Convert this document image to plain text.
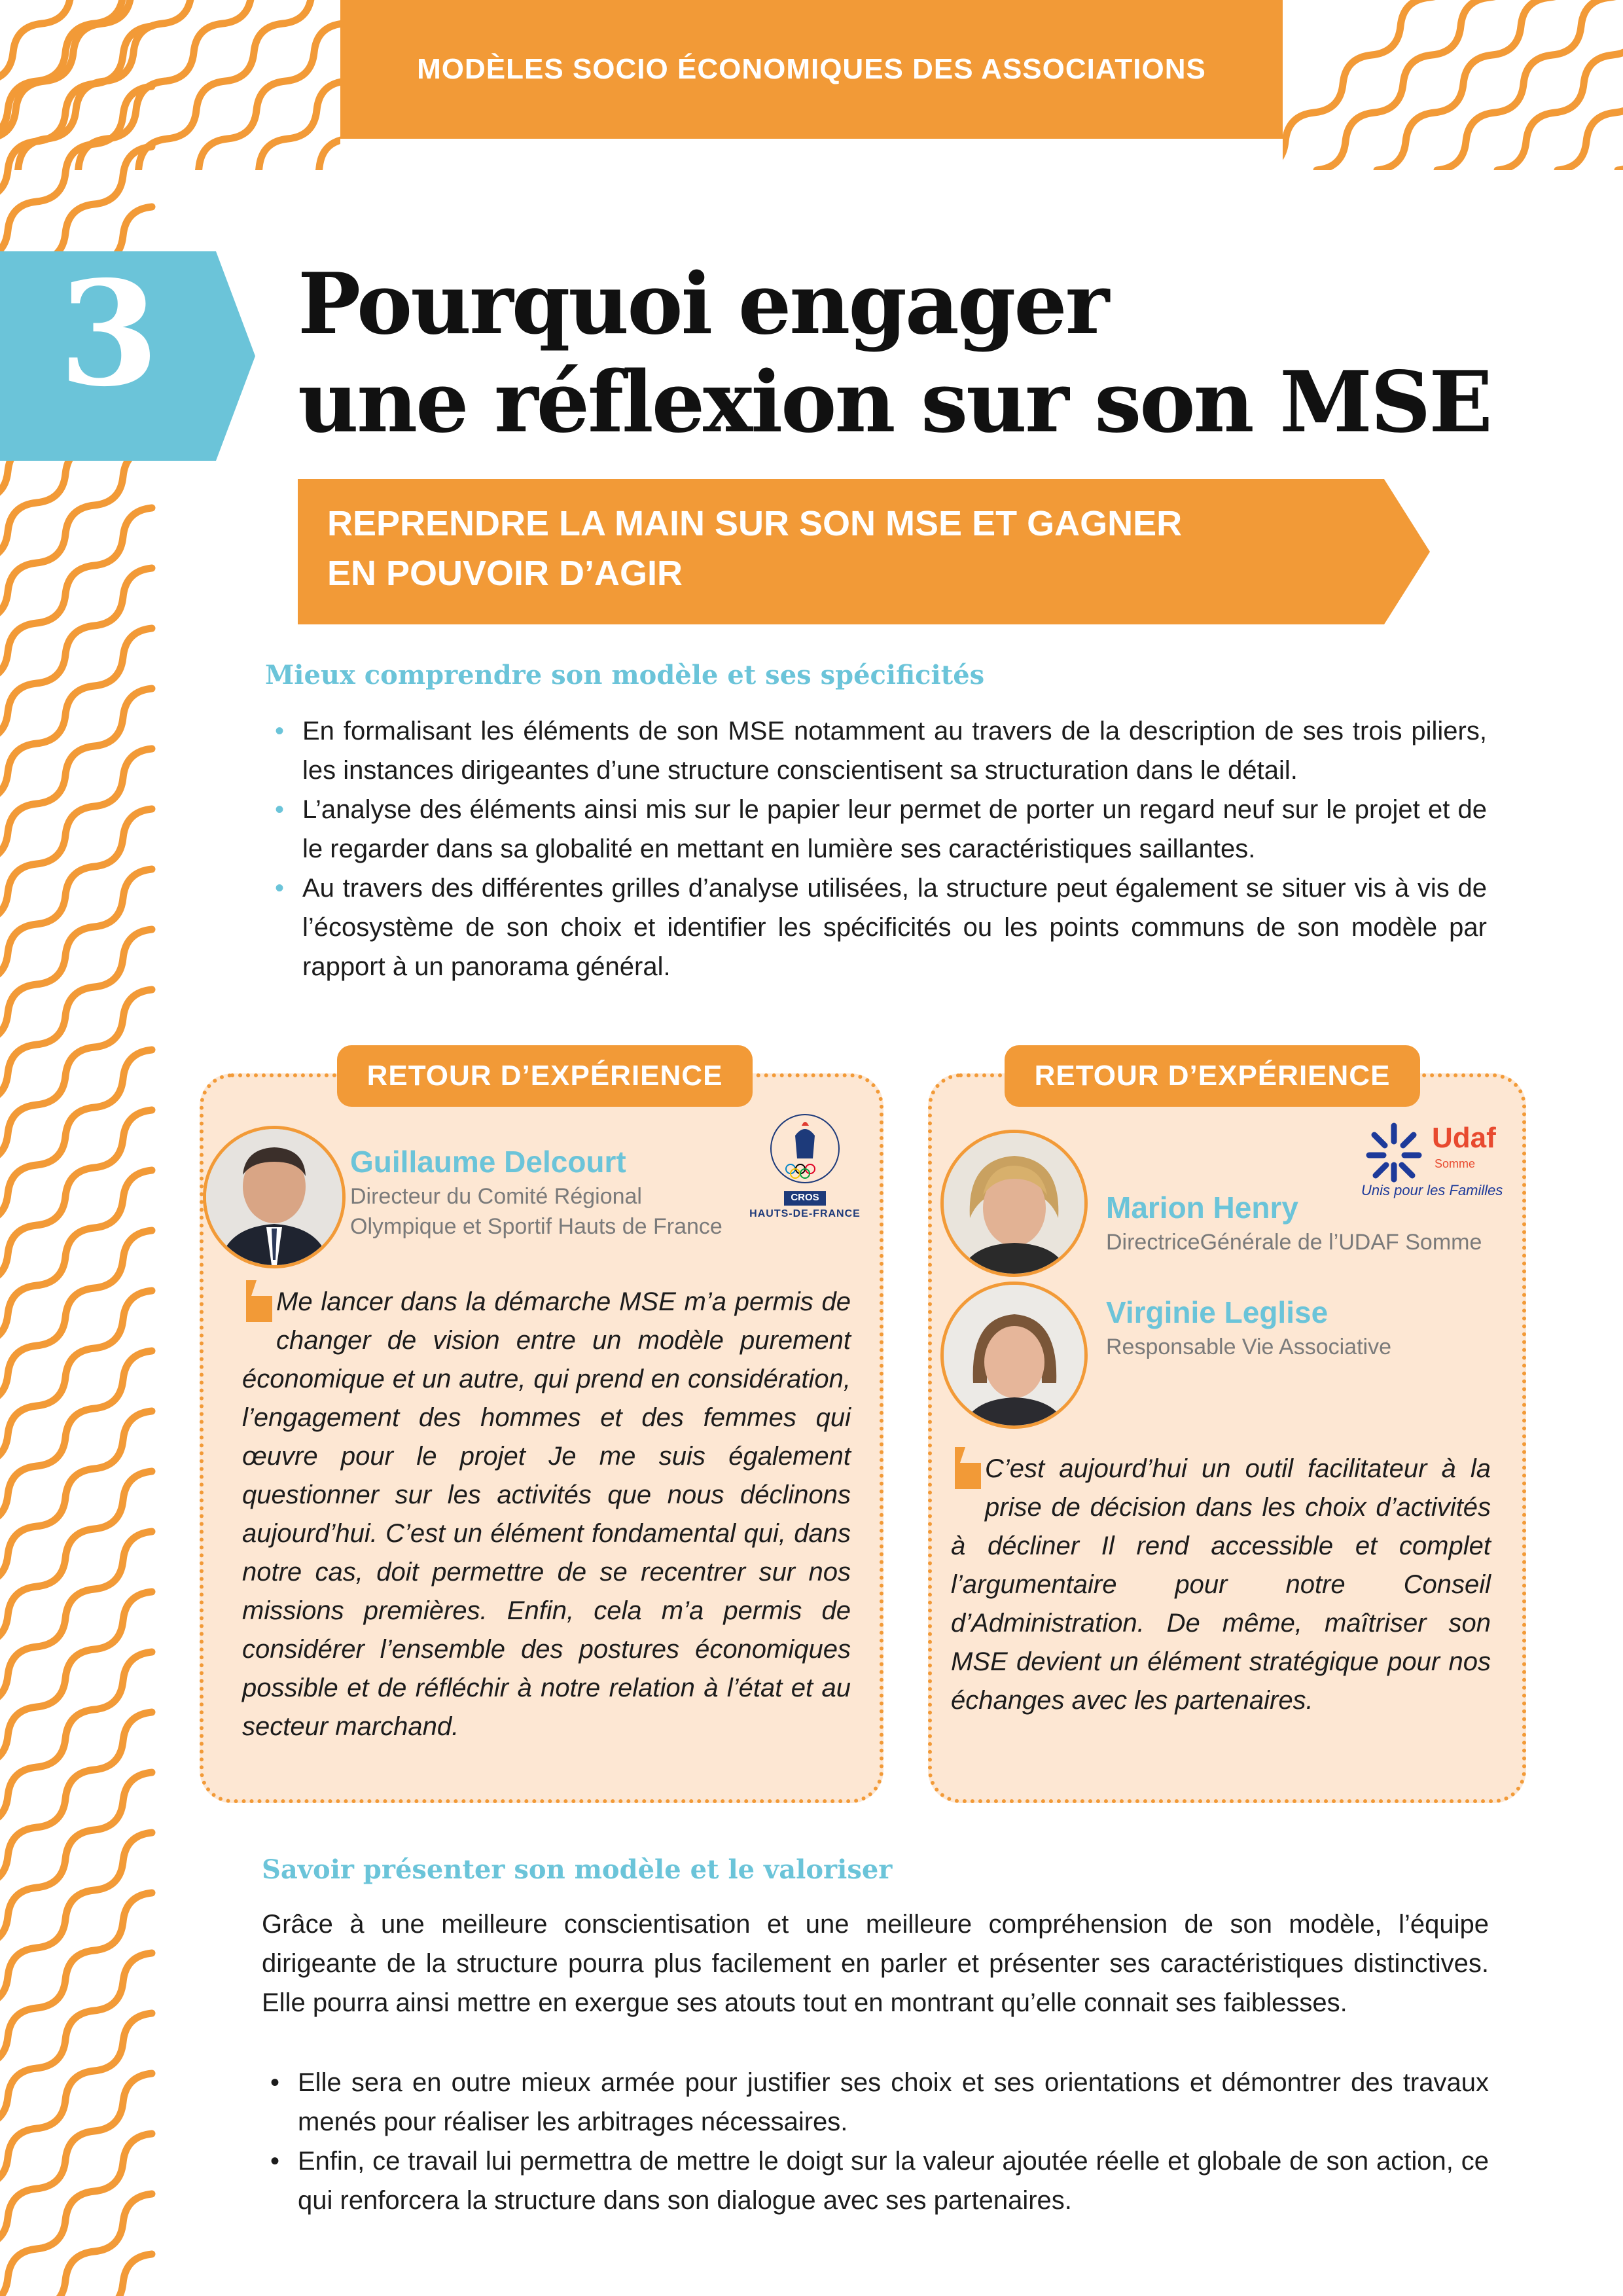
MODÈLES SOCIO ÉCONOMIQUES DES ASSOCIATIONS
3 Pourquoi engager
une réflexion sur son MSE
REPRENDRE LA MAIN SUR SON MSE ET GAGNER
EN POUVOIR D’AGIR
Mieux comprendre son modèle et ses spécificités
• En formalisant les éléments de son MSE notamment au travers de la description de ses trois piliers, les instances dirigeantes d’une structure conscientisent sa structuration dans le détail.
• L’analyse des éléments ainsi mis sur le papier leur permet de porter un regard neuf sur le projet et de le regarder dans sa globalité en mettant en lumière ses caractéristiques saillantes.
• Au travers des différentes grilles d’analyse utilisées, la structure peut également se situer vis à vis de l’écosystème de son choix et identifier les spécificités ou les points communs de son modèle par rapport à un panorama général.
RETOUR D’EXPÉRIENCE
Guillaume Delcourt
Directeur du Comité Régional
Olympique et Sportif Hauts de France
CROS
HAUTS-DE-FRANCE
Me lancer dans la démarche MSE m’a permis de changer de vision entre un modèle purement économique et un autre, qui prend en considération, l’engagement des hommes et des femmes qui œuvre pour le projet Je me suis également questionner sur les activités que nous déclinons aujourd’hui. C’est un élément fondamental qui, dans notre cas, doit permettre de se recentrer sur nos missions premières. Enfin, cela m’a permis de considérer l’ensemble des postures économiques possible et de réfléchir à notre relation à l’état et au secteur marchand.
RETOUR D’EXPÉRIENCE
Marion Henry
DirectriceGénérale de l’UDAF Somme
Virginie Leglise
Responsable Vie Associative
Udaf
Somme
Unis pour les Familles
C’est aujourd’hui un outil facilitateur à la prise de décision dans les choix d’activités à décliner Il rend accessible et complet l’argumentaire pour notre Conseil d’Administration. De même, maîtriser son MSE devient un élément stratégique pour nos échanges avec les partenaires.
Savoir présenter son modèle et le valoriser
Grâce à une meilleure conscientisation et une meilleure compréhension de son modèle, l’équipe dirigeante de la structure pourra plus facilement en parler et présenter ses caractéristiques distinctives. Elle pourra ainsi mettre en exergue ses atouts tout en montrant qu’elle connait ses faiblesses.
• Elle sera en outre mieux armée pour justifier ses choix et ses orientations et démontrer des travaux menés pour réaliser les arbitrages nécessaires.
• Enfin, ce travail lui permettra de mettre le doigt sur la valeur ajoutée réelle et globale de son action, ce qui renforcera la structure dans son dialogue avec ses partenaires.
